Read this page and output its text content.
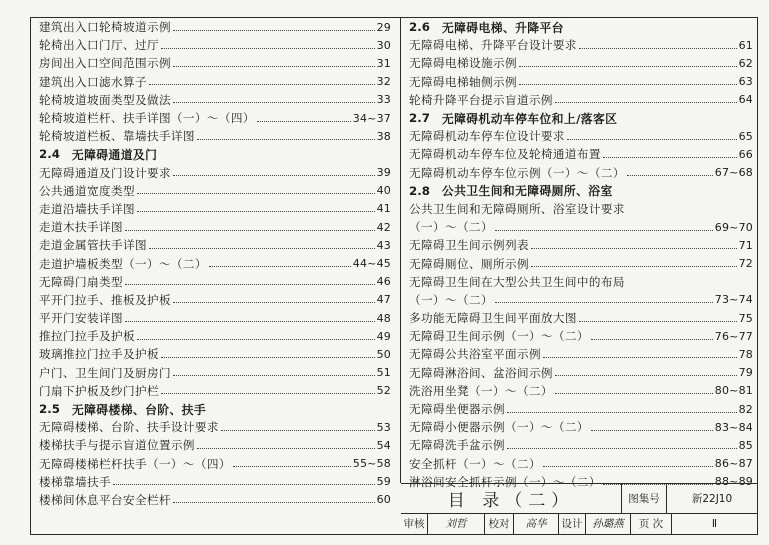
建筑出入口轮椅坡道示例	29
轮椅出入口门厅、过厅	30
房间出入口空间范围示例	31
建筑出入口滤水算子	32
轮椅坡道坡面类型及做法	33
轮椅坡道栏杆、扶手详图（一）～（四）	34~37
轮椅坡道栏板、靠墙扶手详图	38
2.4 无障碍通道及门
无障碍通道及门设计要求	39
公共通道宽度类型	40
走道沿墙扶手详图	41
走道木扶手详图	42
走道金属管扶手详图	43
走道护墙板类型（一）～（二）	44~45
无障碍门扇类型	46
平开门拉手、推板及护板	47
平开门安装详图	48
推拉门拉手及护板	49
玻璃推拉门拉手及护板	50
户门、卫生间门及厨房门	51
门扇下护板及纱门护栏	52
2.5 无障碍楼梯、台阶、扶手
无障碍楼梯、台阶、扶手设计要求	53
楼梯扶手与提示盲道位置示例	54
无障碍楼梯栏杆扶手（一）～（四）	55~58
楼梯靠墙扶手	59
楼梯间休息平台安全栏杆	60
2.6 无障碍电梯、升降平台
无障碍电梯、升降平台设计要求	61
无障碍电梯设施示例	62
无障碍电梯轴侧示例	63
轮椅升降平台提示盲道示例	64
2.7 无障碍机动车停车位和上/落客区
无障碍机动车停车位设计要求	65
无障碍机动车停车位及轮椅通道布置	66
无障碍机动车停车位示例（一）～（二）	67~68
2.8 公共卫生间和无障碍厕所、浴室
公共卫生间和无障碍厕所、浴室设计要求
（一）～（二）	69~70
无障碍卫生间示例列表	71
无障碍厕位、厕所示例	72
无障碍卫生间在大型公共卫生间中的布局
（一）～（二）	73~74
多功能无障碍卫生间平面放大图	75
无障碍卫生间示例（一）～（二）	76~77
无障碍公共浴室平面示例	78
无障碍淋浴间、盆浴间示例	79
洗浴用坐凳（一）～（二）	80~81
无障碍坐便器示例	82
无障碍小便器示例（一）～（二）	83~84
无障碍洗手盆示例	85
安全抓杆（一）～（二）	86~87
淋浴间安全抓杆示例（一）～（二）	88~89
目 录（二）	图集号	新22J10
审核	刘哲	校对	高华	设计 孙璐燕	页 次	Ⅱ
